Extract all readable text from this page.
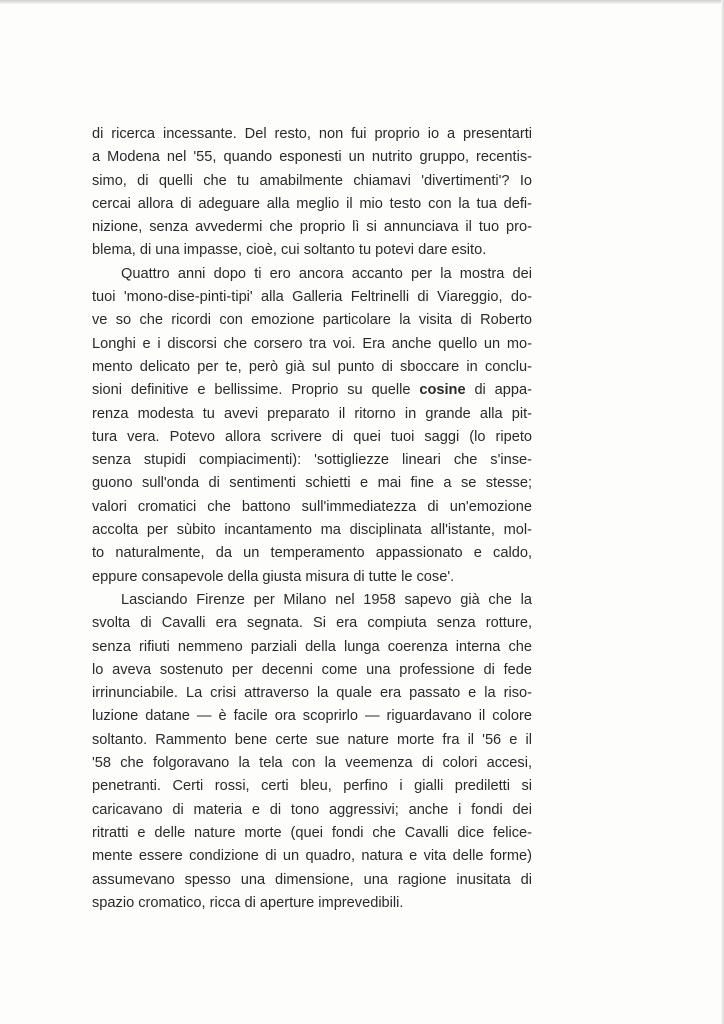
di ricerca incessante. Del resto, non fui proprio io a presentarti
a Modena nel '55, quando esponesti un nutrito gruppo, recentis-
simo, di quelli che tu amabilmente chiamavi 'divertimenti'? Io
cercai allora di adeguare alla meglio il mio testo con la tua defi-
nizione, senza avvedermi che proprio lì si annunciava il tuo pro-
blema, di una impasse, cioè, cui soltanto tu potevi dare esito.
Quattro anni dopo ti ero ancora accanto per la mostra dei
tuoi 'mono-dise-pinti-tipi' alla Galleria Feltrinelli di Viareggio, do-
ve so che ricordi con emozione particolare la visita di Roberto
Longhi e i discorsi che corsero tra voi. Era anche quello un mo-
mento delicato per te, però già sul punto di sboccare in conclu-
sioni definitive e bellissime. Proprio su quelle cosine di appa-
renza modesta tu avevi preparato il ritorno in grande alla pit-
tura vera. Potevo allora scrivere di quei tuoi saggi (lo ripeto
senza stupidi compiacimenti): 'sottigliezze lineari che s'inse-
guono sull'onda di sentimenti schietti e mai fine a se stesse;
valori cromatici che battono sull'immediatezza di un'emozione
accolta per sùbito incantamento ma disciplinata all'istante, mol-
to naturalmente, da un temperamento appassionato e caldo,
eppure consapevole della giusta misura di tutte le cose'.
Lasciando Firenze per Milano nel 1958 sapevo già che la
svolta di Cavalli era segnata. Si era compiuta senza rotture,
senza rifiuti nemmeno parziali della lunga coerenza interna che
lo aveva sostenuto per decenni come una professione di fede
irrinunciabile. La crisi attraverso la quale era passato e la riso-
luzione datane — è facile ora scoprirlo — riguardavano il colore
soltanto. Rammento bene certe sue nature morte fra il '56 e il
'58 che folgoravano la tela con la veemenza di colori accesi,
penetranti. Certi rossi, certi bleu, perfino i gialli prediletti si
caricavano di materia e di tono aggressivi; anche i fondi dei
ritratti e delle nature morte (quei fondi che Cavalli dice felice-
mente essere condizione di un quadro, natura e vita delle forme)
assumevano spesso una dimensione, una ragione inusitata di
spazio cromatico, ricca di aperture imprevedibili.
